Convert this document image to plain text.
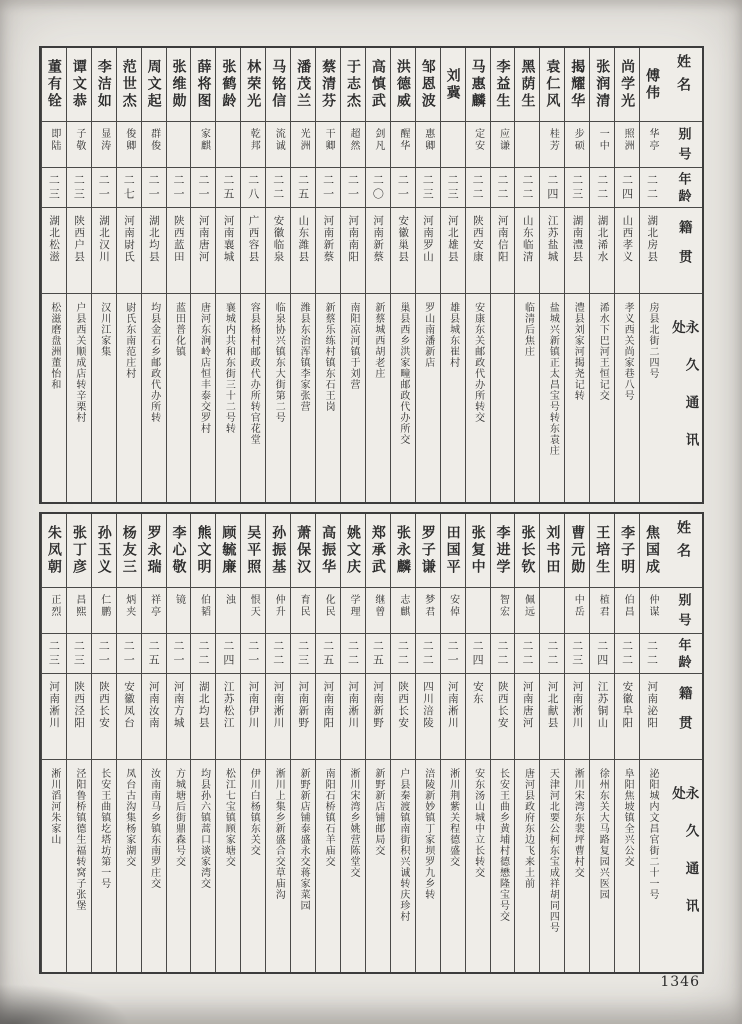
姓名
别号
年龄
籍贯
永久通讯处
傅伟
华亭
二二
湖北房县
房县北街二四号
尚学光
照洲
二四
山西孝义
孝义西关尚家巷八号
张润清
一中
二二
湖北浠水
浠水下巴河王恒记交
揭耀华
步硕
二三
湖南澧县
澧县刘家河揭尧记转
袁仁风
桂芳
二四
江苏盐城
盐城兴新镇正太昌宝号转东袁庄
黑荫生
二二
山东临清
临清后焦庄
李益生
应谦
二二
河南信阳
马惠麟
定安
二二
陕西安康
安康东关邮政代办所转交
刘冀
二三
河北雄县
雄县城东崔村
邹恩波
惠卿
二三
河南罗山
罗山南潘新店
洪德威
醒华
二一
安徽巢县
巢县西乡洪家疃邮政代办所交
高慎武
剑凡
二〇
河南新蔡
新蔡城西胡老庄
于志杰
超然
二一
河南南阳
南阳凉河镇于刘营
蔡清芬
干卿
二一
河南新蔡
新蔡乐练村镇东石王岗
潘茂兰
光洲
二五
山东潍县
潍县东治浑镇李家张营
马铭信
流诚
二二
安徽临泉
临泉协兴镇东大街第二号
林荣光
乾邦
二八
广西容县
容县杨村邮政代办所转官花堂
张鹤龄
二五
河南襄城
襄城内共和东街三十二号转
薛将图
家麒
二一
河南唐河
唐河东涧岭店恒丰泰交罗村
张维勋
二一
陕西蓝田
蓝田普化镇
周文起
群俊
二一
湖北均县
均县金石乡邮政代办所转
范世杰
俊卿
二七
河南尉氏
尉氏东南范庄村
李洁如
显涛
二一
湖北汉川
汉川江家集
谭文恭
子敬
二三
陕西户县
户县西关顺成店转辛栗村
董有铨
即陆
二三
湖北松滋
松滋磨盘洲董怡和
姓名
别号
年龄
籍贯
永久通讯处
焦国成
仲谋
二二
河南泌阳
泌阳城内文昌官街二十一号
李子明
伯昌
二二
安徽阜阳
阜阳焦坡镇全兴公交
王培生
植君
二四
江苏铜山
徐州东关大马路复园兴医园
曹元勋
中岳
二三
河南淅川
淅川宋湾东裴坪曹村交
刘书田
二二
河北献县
天津河北要公柯东宝成祥胡同四号
张长钦
佩远
二二
河南唐河
唐河县政府东边飞来土前
李进学
智宏
二二
陕西长安
长安王曲乡黄埔村德懋隆宝号交
张复中
二四
安东
安东汤山城中立长转交
田国平
安倬
二一
河南淅川
淅川荆紫关程德盛交
罗子谦
梦君
二二
四川涪陵
涪陵新妙镇丁家坝罗九乡转
张永麟
志麒
二二
陕西长安
户县秦渡镇南街积兴诚转庆珍村
郑承武
继曾
二五
河南新野
新野新店铺邮局交
姚文庆
学理
二二
河南淅川
淅川宋湾乡姚营陈堂交
高振华
化民
二五
河南南阳
南阳石桥镇石羊庙交
萧保汉
育民
二三
河南新野
新野新店铺泰盛永交蒋家菜园
孙振基
仲升
二二
河南淅川
淅川上集乡新盛合交草庙沟
吴平照
恨天
二一
河南伊川
伊川白杨镇东关交
顾毓廉
浊
二四
江苏松江
松江七宝镇顾家塘交
熊文明
伯韬
二二
湖北均县
均县孙六镇蒿口谈家湾交
李心敬
镜
二一
河南方城
方城塘后街鼎森号交
罗永瑞
祥亭
二五
河南汝南
汝南南马乡镇东南罗庄交
杨友三
炳夹
二一
安徽凤台
凤台古沟集杨家湖交
孙玉义
仁鹏
二一
陕西长安
长安王曲镇圪塔坊第一号
张丁彦
昌熙
二三
陕西泾阳
泾阳鲁桥镇德生福转窝子张堡
朱凤朝
正烈
二三
河南淅川
淅川滔河朱家山
1346
